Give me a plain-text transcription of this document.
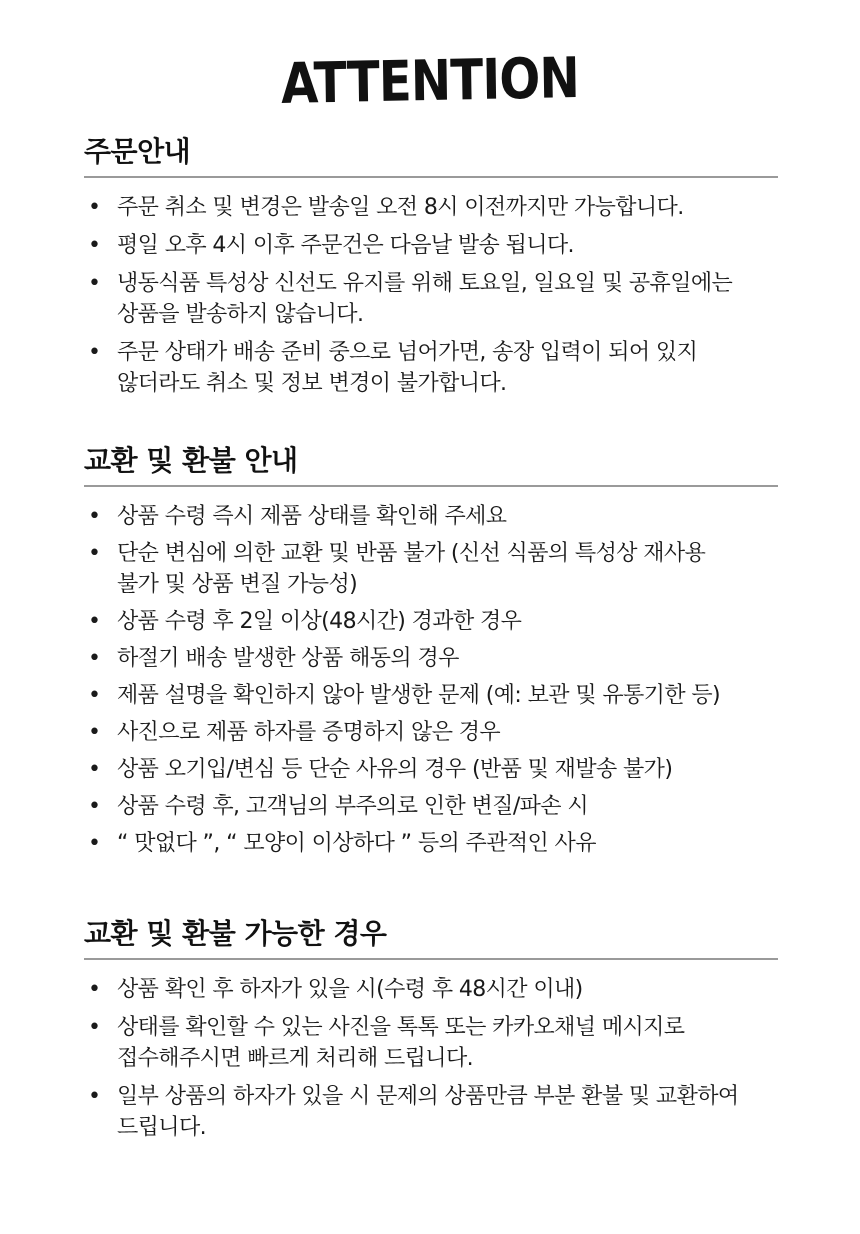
ATTENTION
주문안내
• 주문 취소 및 변경은 발송일 오전 8시 이전까지만 가능합니다.
• 평일 오후 4시 이후 주문건은 다음날 발송 됩니다.
• 냉동식품 특성상 신선도 유지를 위해 토요일, 일요일 및 공휴일에는
상품을 발송하지 않습니다.
• 주문 상태가 배송 준비 중으로 넘어가면, 송장 입력이 되어 있지
않더라도 취소 및 정보 변경이 불가합니다.
교환 및 환불 안내
• 상품 수령 즉시 제품 상태를 확인해 주세요
• 단순 변심에 의한 교환 및 반품 불가 (신선 식품의 특성상 재사용
불가 및 상품 변질 가능성)
• 상품 수령 후 2일 이상(48시간) 경과한 경우
• 하절기 배송 발생한 상품 해동의 경우
• 제품 설명을 확인하지 않아 발생한 문제 (예: 보관 및 유통기한 등)
• 사진으로 제품 하자를 증명하지 않은 경우
• 상품 오기입/변심 등 단순 사유의 경우 (반품 및 재발송 불가)
• 상품 수령 후, 고객님의 부주의로 인한 변질/파손 시
• “ 맛없다 ”, “ 모양이 이상하다 ” 등의 주관적인 사유
교환 및 환불 가능한 경우
• 상품 확인 후 하자가 있을 시(수령 후 48시간 이내)
• 상태를 확인할 수 있는 사진을 톡톡 또는 카카오채널 메시지로
접수해주시면 빠르게 처리해 드립니다.
• 일부 상품의 하자가 있을 시 문제의 상품만큼 부분 환불 및 교환하여
드립니다.
